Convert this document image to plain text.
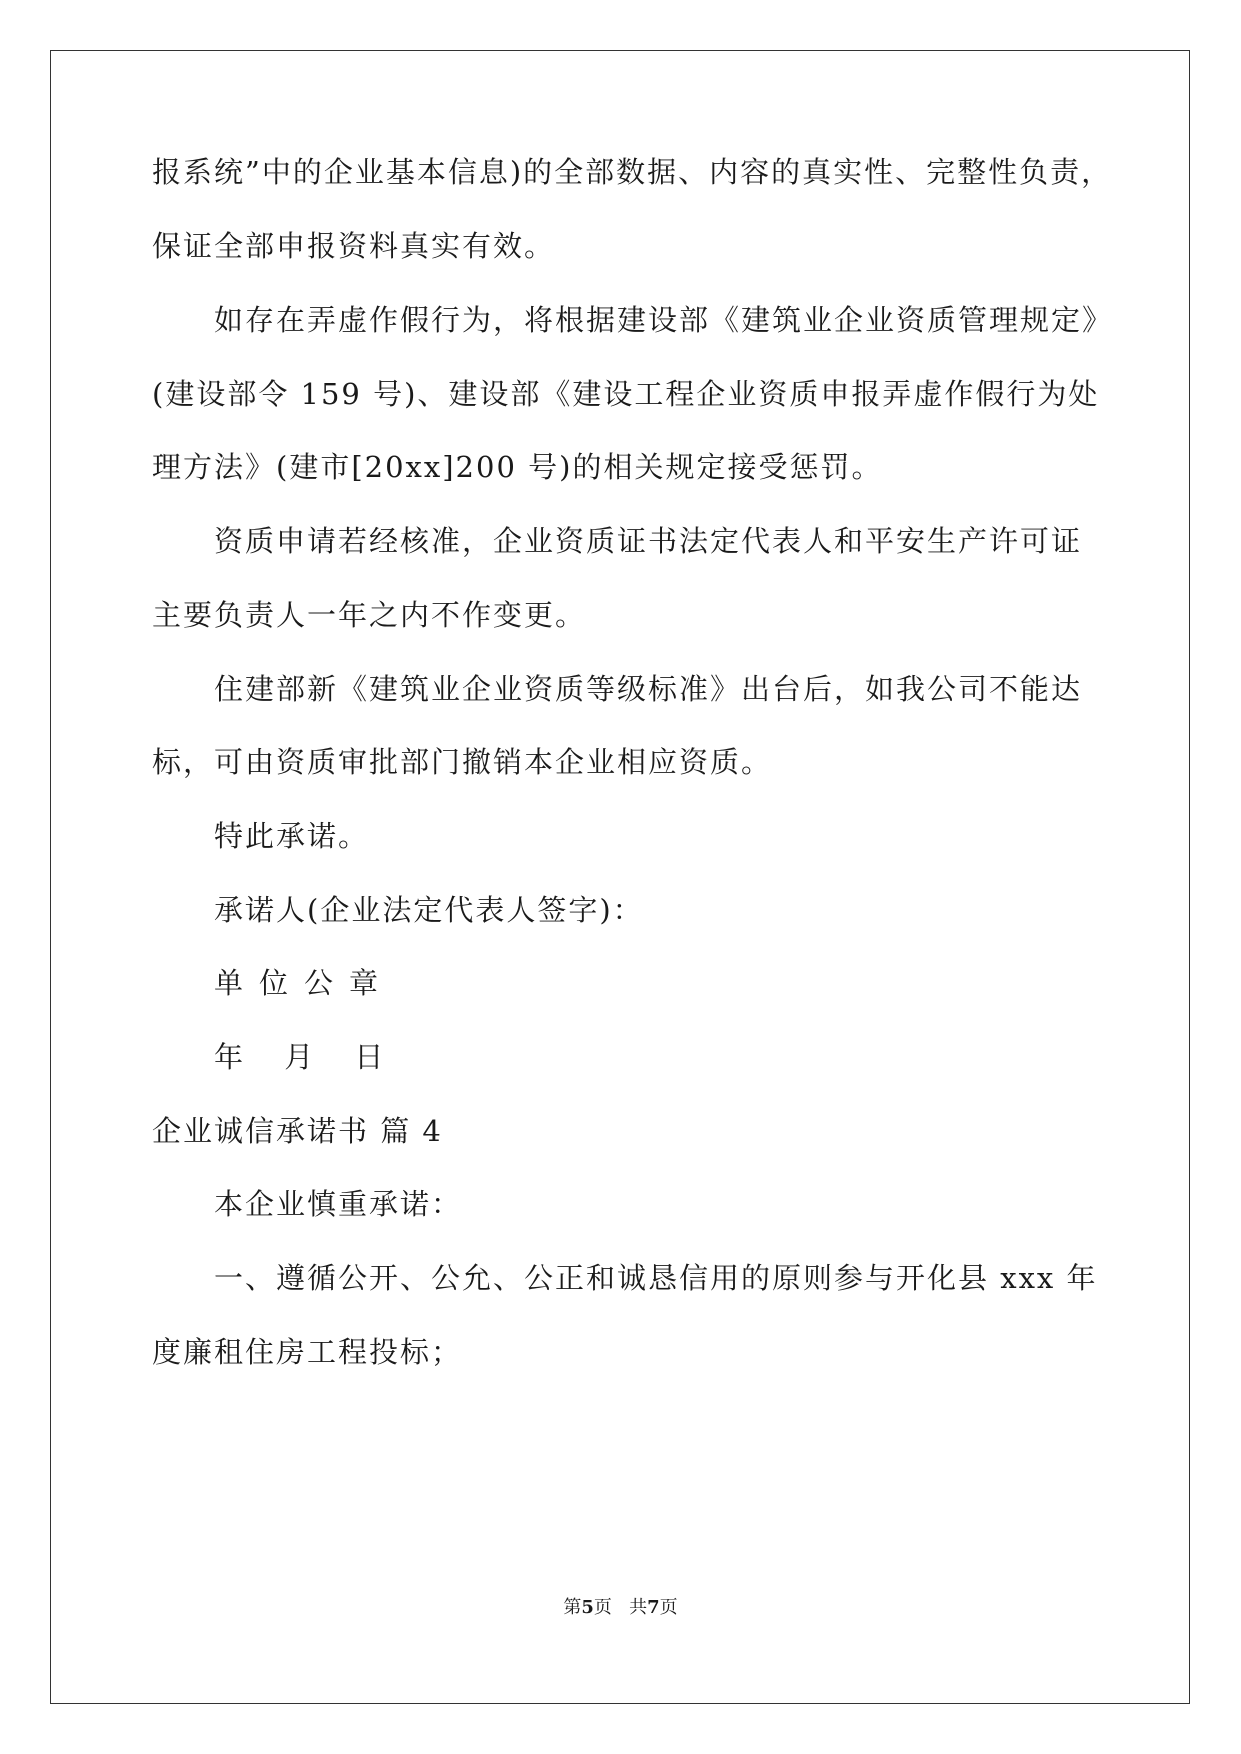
报系统”中的企业基本信息)的全部数据、内容的真实性、完整性负责，
保证全部申报资料真实有效。
如存在弄虚作假行为，将根据建设部《建筑业企业资质管理规定》
(建设部令 159 号)、建设部《建设工程企业资质申报弄虚作假行为处
理方法》(建市[20xx]200 号)的相关规定接受惩罚。
资质申请若经核准，企业资质证书法定代表人和平安生产许可证
主要负责人一年之内不作变更。
住建部新《建筑业企业资质等级标准》出台后，如我公司不能达
标，可由资质审批部门撤销本企业相应资质。
特此承诺。
承诺人(企业法定代表人签字)：
单位公章
年 月 日
企业诚信承诺书 篇 4
本企业慎重承诺：
一、遵循公开、公允、公正和诚恳信用的原则参与开化县 xxx 年
度廉租住房工程投标；
第5页   共7页
